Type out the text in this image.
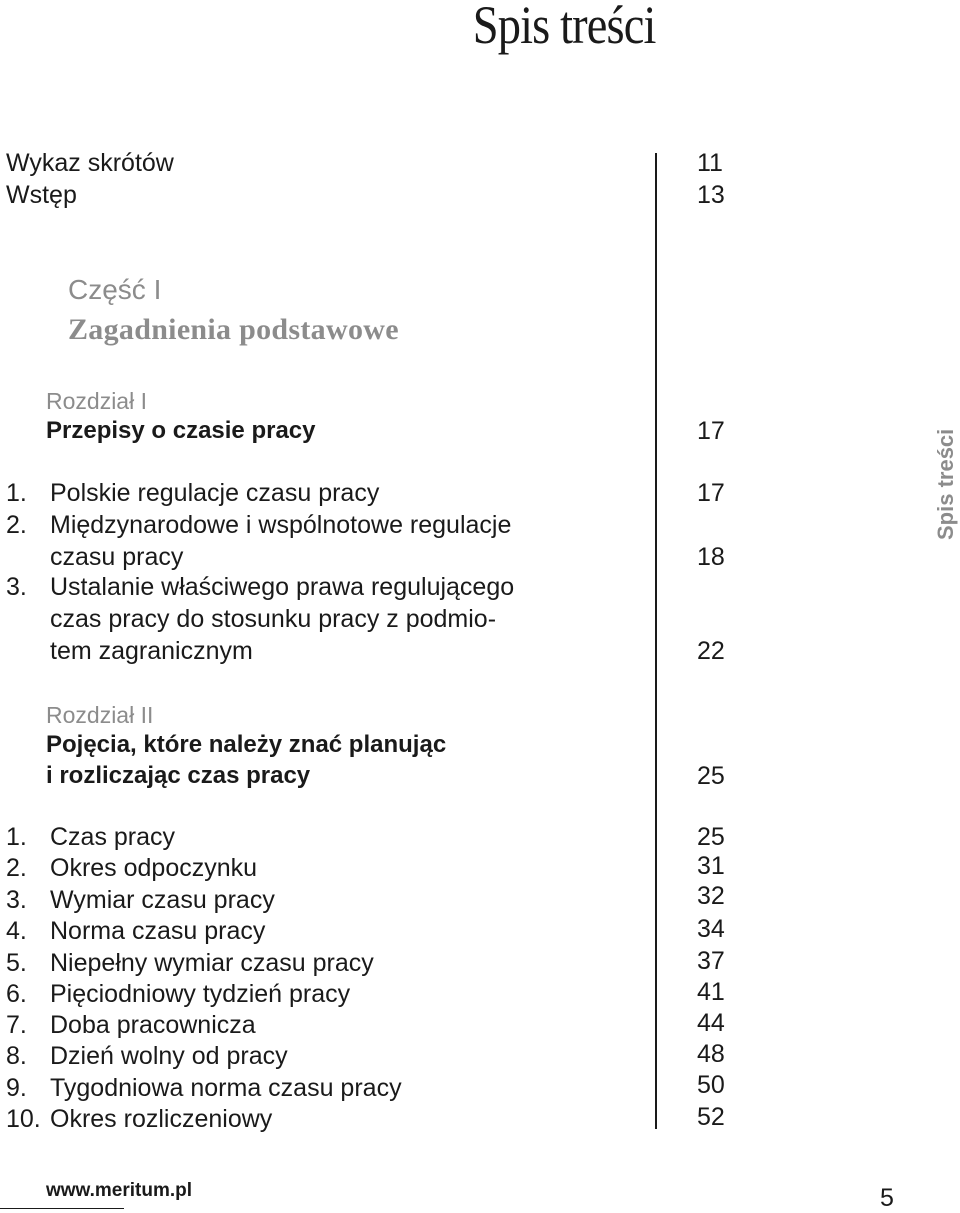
Spis treści
Spis treści
Wykaz skrótów	11
Wstęp	13
Część I
Zagadnienia podstawowe
Rozdział I
Przepisy o czasie pracy	17
1. Polskie regulacje czasu pracy	17
2. Międzynarodowe i wspólnotowe regulacje
czasu pracy	18
3. Ustalanie właściwego prawa regulującego
czas pracy do stosunku pracy z podmio-
tem zagranicznym	22
Rozdział II
Pojęcia, które należy znać planując
i rozliczając czas pracy	25
1. Czas pracy	25
2. Okres odpoczynku	31
3. Wymiar czasu pracy	32
4. Norma czasu pracy	34
5. Niepełny wymiar czasu pracy	37
6. Pięciodniowy tydzień pracy	41
7. Doba pracownicza	44
8. Dzień wolny od pracy	48
9. Tygodniowa norma czasu pracy	50
10. Okres rozliczeniowy	52
www.meritum.pl	5
